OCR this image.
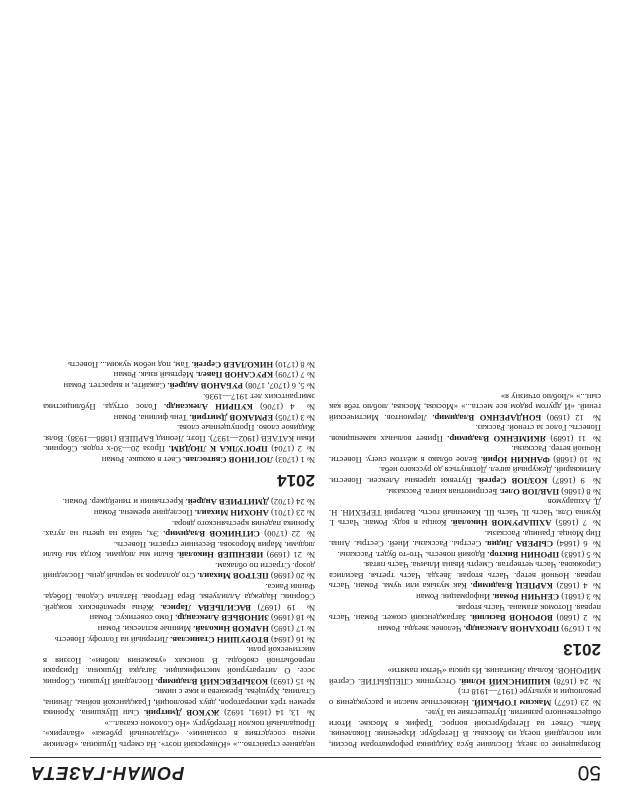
50
РОМАН-ГАЗЕТА

Возвращение со звезд. Послание Буса Хиддинка реформаторам России, или последний поезд из Москвы. В Петербург. Изречения. Поколения. Мать. Ответ на Петербургский вопрос. Трафик в Москве. Итоги общественного развития. Путешествие на Туле.

№ 23 (1677) Максим ГОРЬКИЙ. Неизвестные мысли и рассуждения о революции и культуре (1917—1918 гг.)

№ 24 (1678) КИШИНСКИЙ Юлий. Отступник СПЕЦБЫТИЕ. Сергей МИРОНОВ. Кольца Лизитания. Из цикла «Четки памяти»

2013

№ 1 (1679) ПРОХАНОВ Александр. Человек звезды. Роман

№ 2 (1680) ВОРОНОВ Василий. Загражденский сюжет. Роман. Часть первая. Потомок атамана. Часть вторая.

№ 3 (1681) СЕНЧИН Роман. Информация. Роман

№ 4 (1682) КАРПЕЦ Владимир. Как музыка или чума. Роман. Часть первая. Ночной ветер. Часть вторая. Звезда. Часть третья. Василиса Сирожкова. Часть четвертая. Смерть Ивана Ильича. Часть пятая.

№ 5 (1683) ПРОНИН Виктор. Вдовий повесть. Что-то будет. Рассказы.

№ 6 (1684) СЫРЕВА Лидия. Сестры. Рассказы. Иней. Сестры. Анна. Пир Монца. Граница. Рассказы.

№ 7 (1685) АХШАРУМОВ Николай. Концы в воду. Роман. Часть I. Кузина Оля. Часть II. Часть III. Каменный гость. Валерий ТЕРЕХИН. Н. Д. Ахшарумов

№ 8 (1686) ПАВЛОВ Олег. Бесприютная книга. Рассказы.

№ 9 (1687) КОЗЛОВ Сергей. Путевки царевны Алексеи. Повести. Антикварий. Дежурный ангел. Дотянуться до русского неба.

№ 10 (1688) ФАНКИН Юрий. Белое облако в жёлтом снегу. Повести. Ночной ветер. Рассказы.

№ 11 (1689) ЯКИМЕНКО Владимир. Привет вольных каменщиков. Повесть. Голос за стеной. Рассказ.

№ 12 (1690) БОНДАРЕНКО Владимир. Лермонтов. Мистический гений. «И другом рядом все места...» «Москва, Москва, люблю тебя как сын...» «Люблю отчизну я»

недавнее странство...» «Юнкерский поэт». На смерть Пушкина. «Великие имена соседствия в сознании». «Отдаленный рубежа» «Валерик». Прощальный поклон Петербургу. «Но Соломон сказал...»

№ 13, 14 (1691, 1692) ЖУКОВ Дмитрий. Сын Шукшина. Хроника времен трёх императоров, двух революций, Гражданской войны, Ленина, Сталина, Хрущёва, Брежнева и иже с ними.

№ 15 (1693) КОЗЫРЕВСКИЙ Владимир. Последний Пушкин. Сборник эссе. О литературной мистификации. Загадка Пушкина. Призраки первобытной свободы. В поисках «уважения любви». Поэзия в мистической роли.

№ 16 (1694) ВТОРУШИН Станислав. Литерный на Голгофу. Повесть

№ 17 (1695) НАРКОВ Николай. Минные всплески. Роман

№ 18 (1696) ЗИНОВЬЕВ Александр. Гомо советикус. Роман

№ 19 (1697) ВАСИЛЬЕВА Лариса. Жёны кремлёвских вождей. Сборник. Надежда Аллилуева. Вера Петрова. Наталья Седова. Победа. Фанни Раиса.

№ 20 (1698) ПЕТРОВ Михаил. Сто долларов за черный день. Последний дозор. Страсти по облакам.

№ 21 (1699) ИВЕНШЕВ Николай. Были мы людьми. Когда мы были людьми. Мария Морозова. Весенние страсти. Повесть.

№ 22 (1700) СИТНИКОВ Владимир. Эх, чайка на цветы на лугах. Хроника падения крестьянского двора.

№ 23 (1701) АНОХИН Михаил. Последние времена. Роман

№ 24 (1702) ДМИТРИЕВ Андрей. Крестьянин и тинейджер. Роман.

2014

№ 1 (1703) ЛОГИНОВ Святослав. Свет в окошке. Роман

№ 2 (1704) ПРОГУЛКА К ЛЮДЯМ. Проза 20—30-х годов. Сборник. Иван КАТАЕВ (1902—1937). Поэт. Леонид БАРШЕВ (1888—1938). Воля. Жидивое слово. Пропущенные слова.

№ 3 (1705) ЕРМАКОВ Дмитрий. Тень филина. Роман

№ 4 (1706) КУПРИН Александр. Голос оттуда. Публицистика эмигрантских лет 1917—1936.

№ 5, 6 (1707, 1708) РУБАНОВ Андрей. Сажайте, и вырастет. Роман

№ 7 (1709) КРУСАНОВ Павел. Мёртвый язык. Роман

№ 8 (1710) НИКОЛАЕВ Сергей. Там, под небом чужим... Повесть
